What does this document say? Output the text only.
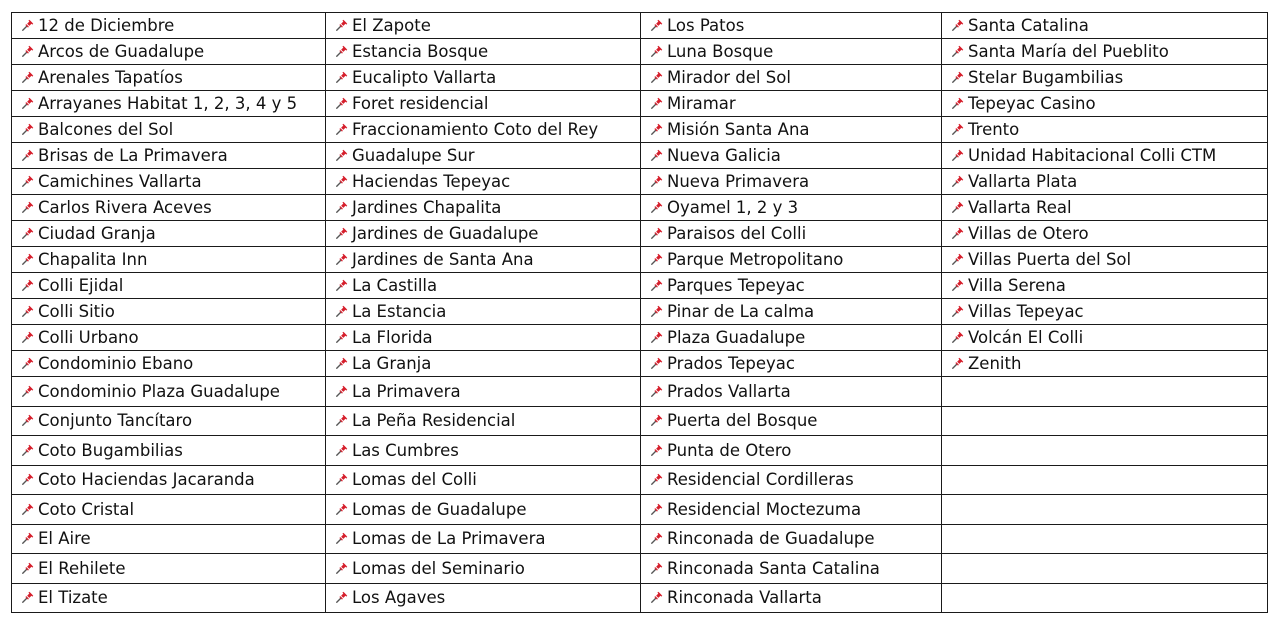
12 de Diciembre	El Zapote	Los Patos	Santa Catalina
Arcos de Guadalupe	Estancia Bosque	Luna Bosque	Santa María del Pueblito
Arenales Tapatíos	Eucalipto Vallarta	Mirador del Sol	Stelar Bugambilias
Arrayanes Habitat 1, 2, 3, 4 y 5	Foret residencial	Miramar	Tepeyac Casino
Balcones del Sol	Fraccionamiento Coto del Rey	Misión Santa Ana	Trento
Brisas de La Primavera	Guadalupe Sur	Nueva Galicia	Unidad Habitacional Colli CTM
Camichines Vallarta	Haciendas Tepeyac	Nueva Primavera	Vallarta Plata
Carlos Rivera Aceves	Jardines Chapalita	Oyamel 1, 2 y 3	Vallarta Real
Ciudad Granja	Jardines de Guadalupe	Paraisos del Colli	Villas de Otero
Chapalita Inn	Jardines de Santa Ana	Parque Metropolitano	Villas Puerta del Sol
Colli Ejidal	La Castilla	Parques Tepeyac	Villa Serena
Colli Sitio	La Estancia	Pinar de La calma	Villas Tepeyac
Colli Urbano	La Florida	Plaza Guadalupe	Volcán El Colli
Condominio Ebano	La Granja	Prados Tepeyac	Zenith
Condominio Plaza Guadalupe	La Primavera	Prados Vallarta	
Conjunto Tancítaro	La Peña Residencial	Puerta del Bosque	
Coto Bugambilias	Las Cumbres	Punta de Otero	
Coto Haciendas Jacaranda	Lomas del Colli	Residencial Cordilleras	
Coto Cristal	Lomas de Guadalupe	Residencial Moctezuma	
El Aire	Lomas de La Primavera	Rinconada de Guadalupe	
El Rehilete	Lomas del Seminario	Rinconada Santa Catalina	
El Tizate	Los Agaves	Rinconada Vallarta	
